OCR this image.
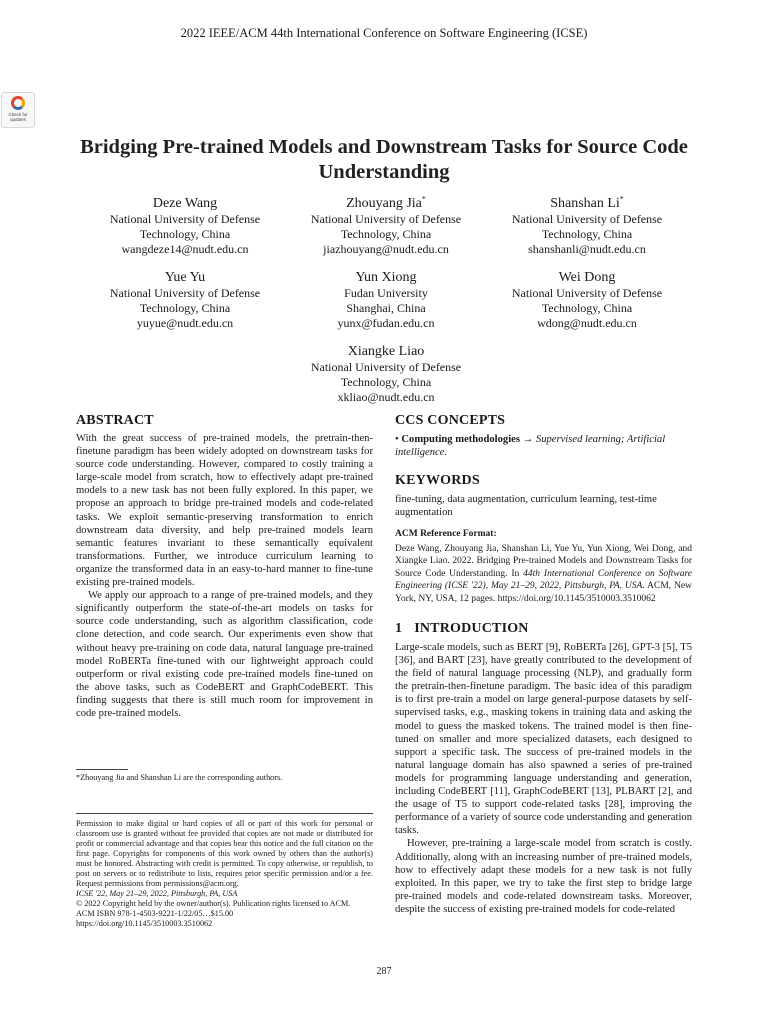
2022 IEEE/ACM 44th International Conference on Software Engineering (ICSE)
Check for updates
Bridging Pre-trained Models and Downstream Tasks for Source Code Understanding
Deze Wang
National University of Defense
Technology, China
wangdeze14@nudt.edu.cn
Zhouyang Jia*
National University of Defense
Technology, China
jiazhouyang@nudt.edu.cn
Shanshan Li*
National University of Defense
Technology, China
shanshanli@nudt.edu.cn
Yue Yu
National University of Defense
Technology, China
yuyue@nudt.edu.cn
Yun Xiong
Fudan University
Shanghai, China
yunx@fudan.edu.cn
Wei Dong
National University of Defense
Technology, China
wdong@nudt.edu.cn
Xiangke Liao
National University of Defense
Technology, China
xkliao@nudt.edu.cn
ABSTRACT
With the great success of pre-trained models, the pretrain-then-finetune paradigm has been widely adopted on downstream tasks for source code understanding. However, compared to costly training a large-scale model from scratch, how to effectively adapt pre-trained models to a new task has not been fully explored. In this paper, we propose an approach to bridge pre-trained models and code-related tasks. We exploit semantic-preserving transformation to enrich downstream data diversity, and help pre-trained models learn semantic features invariant to these semantically equivalent transformations. Further, we introduce curriculum learning to organize the transformed data in an easy-to-hard manner to fine-tune existing pre-trained models.
We apply our approach to a range of pre-trained models, and they significantly outperform the state-of-the-art models on tasks for source code understanding, such as algorithm classification, code clone detection, and code search. Our experiments even show that without heavy pre-training on code data, natural language pre-trained model RoBERTa fine-tuned with our lightweight approach could outperform or rival existing code pre-trained models fine-tuned on the above tasks, such as CodeBERT and GraphCodeBERT. This finding suggests that there is still much room for improvement in code pre-trained models.
*Zhouyang Jia and Shanshan Li are the corresponding authors.
Permission to make digital or hard copies of all or part of this work for personal or classroom use is granted without fee provided that copies are not made or distributed for profit or commercial advantage and that copies bear this notice and the full citation on the first page. Copyrights for components of this work owned by others than the author(s) must be honored. Abstracting with credit is permitted. To copy otherwise, or republish, to post on servers or to redistribute to lists, requires prior specific permission and/or a fee. Request permissions from permissions@acm.org.
ICSE '22, May 21–29, 2022, Pittsburgh, PA, USA
© 2022 Copyright held by the owner/author(s). Publication rights licensed to ACM.
ACM ISBN 978-1-4503-9221-1/22/05…$15.00
https://doi.org/10.1145/3510003.3510062
CCS CONCEPTS
• Computing methodologies → Supervised learning; Artificial intelligence.
KEYWORDS
fine-tuning, data augmentation, curriculum learning, test-time augmentation
ACM Reference Format:
Deze Wang, Zhouyang Jia, Shanshan Li, Yue Yu, Yun Xiong, Wei Dong, and Xiangke Liao. 2022. Bridging Pre-trained Models and Downstream Tasks for Source Code Understanding. In 44th International Conference on Software Engineering (ICSE '22), May 21–29, 2022, Pittsburgh, PA, USA. ACM, New York, NY, USA, 12 pages. https://doi.org/10.1145/3510003.3510062
1 INTRODUCTION
Large-scale models, such as BERT [9], RoBERTa [26], GPT-3 [5], T5 [36], and BART [23], have greatly contributed to the development of the field of natural language processing (NLP), and gradually form the pretrain-then-finetune paradigm. The basic idea of this paradigm is to first pre-train a model on large general-purpose datasets by self-supervised tasks, e.g., masking tokens in training data and asking the model to guess the masked tokens. The trained model is then fine-tuned on smaller and more specialized datasets, each designed to support a specific task. The success of pre-trained models in the natural language domain has also spawned a series of pre-trained models for programming language understanding and generation, including CodeBERT [11], GraphCodeBERT [13], PLBART [2], and the usage of T5 to support code-related tasks [28], improving the performance of a variety of source code understanding and generation tasks.
However, pre-training a large-scale model from scratch is costly. Additionally, along with an increasing number of pre-trained models, how to effectively adapt these models for a new task is not fully exploited. In this paper, we try to take the first step to bridge large pre-trained models and code-related downstream tasks. Moreover, despite the success of existing pre-trained models for code-related
287
